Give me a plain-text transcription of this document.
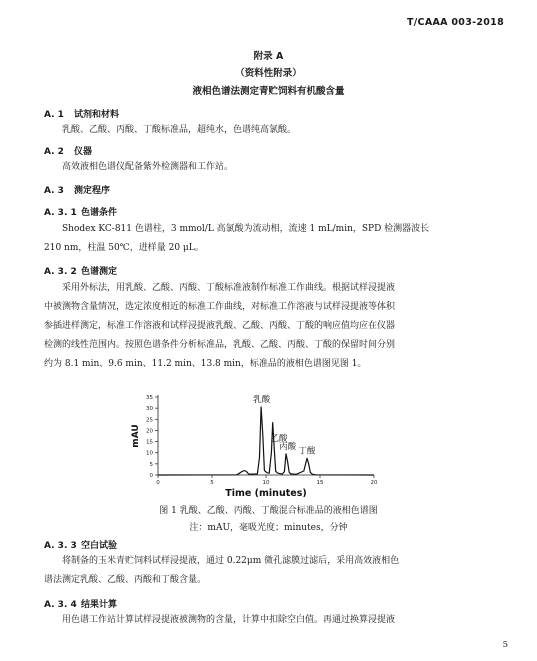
T/CAAA 003-2018
附录 A
（资料性附录）
液相色谱法测定青贮饲料有机酸含量
A. 1 试剂和材料

乳酸、乙酸、丙酸、丁酸标准品，超纯水，色谱纯高氯酸。

A. 2 仪器

高效液相色谱仪配备紫外检测器和工作站。

A. 3 测定程序
A. 3. 1 色谱条件

Shodex KC-811 色谱柱，3 mmol/L 高氯酸为流动相，流速 1 mL/min，SPD 检测器波长

210 nm，柱温 50℃，进样量 20 μL。

A. 3. 2 色谱测定

采用外标法，用乳酸、乙酸、丙酸、丁酸标准液制作标准工作曲线。根据试样浸提液

中被测物含量情况，选定浓度相近的标准工作曲线，对标准工作溶液与试样浸提液等体积

参插进样测定，标准工作溶液和试样浸提液乳酸、乙酸、丙酸、丁酸的响应值均应在仪器

检测的线性范围内。按照色谱条件分析标准品，乳酸、乙酸、丙酸、丁酸的保留时间分别

约为 8.1 min、9.6 min、11.2 min、13.8 min，标准品的液相色谱图见图 1。

0
5
10
15
20
25
30
35
0	5	10	15	20
mAU
Time (minutes)
乳酸
乙酸
丙酸 丁酸
图 1 乳酸、乙酸、丙酸、丁酸混合标准品的液相色谱图
注：mAU，毫吸光度；minutes，分钟
A. 3. 3 空白试验

将制备的玉米青贮饲料试样浸提液，通过 0.22μm 微孔滤膜过滤后，采用高效液相色

谱法测定乳酸、乙酸、丙酸和丁酸含量。

A. 3. 4 结果计算

用色谱工作站计算试样浸提液被测物的含量，计算中扣除空白值。再通过换算浸提液

5
